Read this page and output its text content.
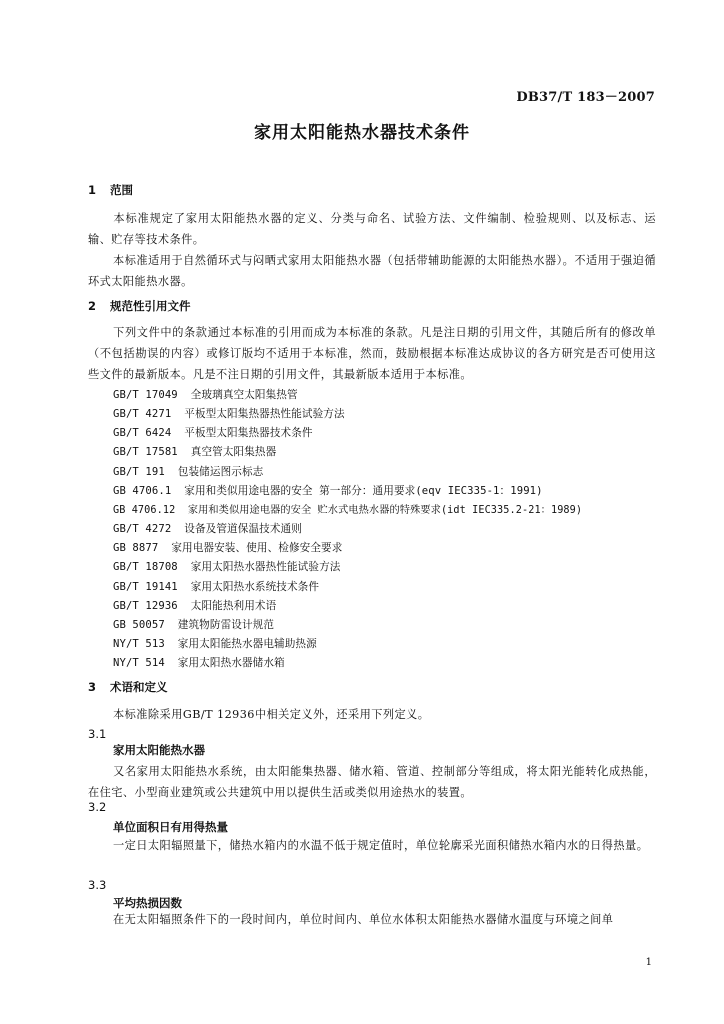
DB37/T 183－2007
家用太阳能热水器技术条件
1 范围
本标准规定了家用太阳能热水器的定义、分类与命名、试验方法、文件编制、检验规则、以及标志、运输、贮存等技术条件。
本标准适用于自然循环式与闷晒式家用太阳能热水器（包括带辅助能源的太阳能热水器）。不适用于强迫循环式太阳能热水器。
2 规范性引用文件
下列文件中的条款通过本标准的引用而成为本标准的条款。凡是注日期的引用文件，其随后所有的修改单（不包括勘误的内容）或修订版均不适用于本标准，然而，鼓励根据本标准达成协议的各方研究是否可使用这些文件的最新版本。凡是不注日期的引用文件，其最新版本适用于本标准。
GB/T 17049 全玻璃真空太阳集热管
GB/T 4271 平板型太阳集热器热性能试验方法
GB/T 6424 平板型太阳集热器技术条件
GB/T 17581 真空管太阳集热器
GB/T 191 包装储运图示标志
GB 4706.1 家用和类似用途电器的安全 第一部分：通用要求(eqv IEC335-1：1991)
GB 4706.12 家用和类似用途电器的安全 贮水式电热水器的特殊要求(idt IEC335.2-21：1989)
GB/T 4272 设备及管道保温技术通则
GB 8877 家用电器安装、使用、检修安全要求
GB/T 18708 家用太阳热水器热性能试验方法
GB/T 19141 家用太阳热水系统技术条件
GB/T 12936 太阳能热利用术语
GB 50057 建筑物防雷设计规范
NY/T 513 家用太阳能热水器电辅助热源
NY/T 514 家用太阳热水器储水箱
3 术语和定义
本标准除采用GB/T 12936中相关定义外，还采用下列定义。
3.1
家用太阳能热水器
又名家用太阳能热水系统，由太阳能集热器、储水箱、管道、控制部分等组成，将太阳光能转化成热能，在住宅、小型商业建筑或公共建筑中用以提供生活或类似用途热水的装置。
3.2
单位面积日有用得热量
一定日太阳辐照量下，储热水箱内的水温不低于规定值时，单位轮廓采光面积储热水箱内水的日得热量。
3.3
平均热损因数
在无太阳辐照条件下的一段时间内，单位时间内、单位水体积太阳能热水器储水温度与环境之间单
1
